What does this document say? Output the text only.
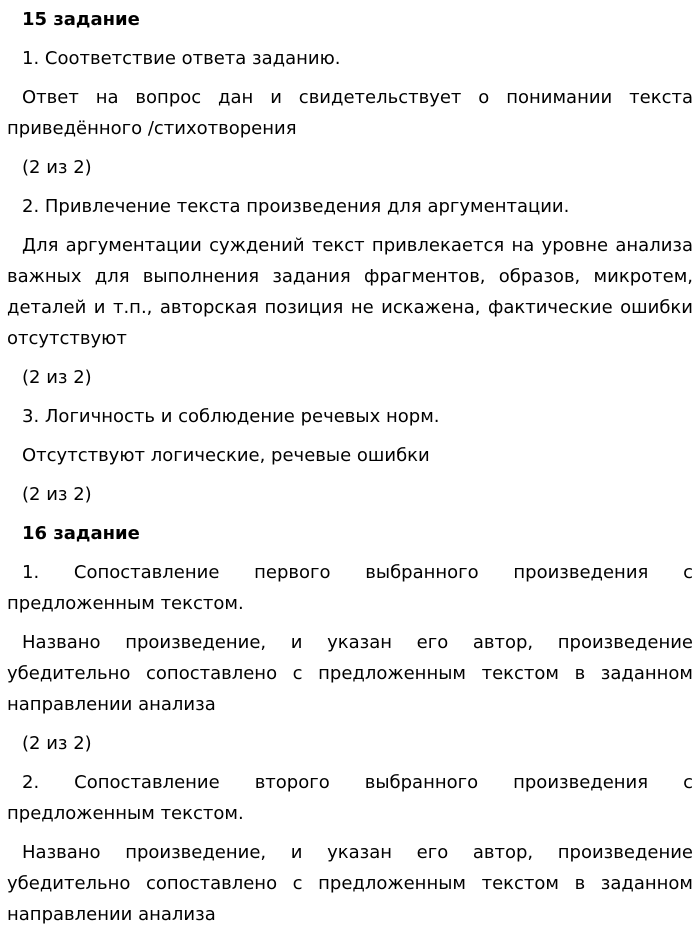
15 задание

1. Соответствие ответа заданию.

Ответ на вопрос дан и свидетельствует о понимании текста приведённого /стихотворения

(2 из 2)

2. Привлечение текста произведения для аргументации.

Для аргументации суждений текст привлекается на уровне анализа важных для выполнения задания фрагментов, образов, микротем, деталей и т.п., авторская позиция не искажена, фактические ошибки отсутствуют

(2 из 2)

3. Логичность и соблюдение речевых норм.

Отсутствуют логические, речевые ошибки

(2 из 2)

16 задание

1. Сопоставление первого выбранного произведения с предложенным текстом.

Названо произведение, и указан его автор, произведение убедительно сопоставлено с предложенным текстом в заданном направлении анализа

(2 из 2)

2. Сопоставление второго выбранного произведения с предложенным текстом.

Названо произведение, и указан его автор, произведение убедительно сопоставлено с предложенным текстом в заданном направлении анализа
